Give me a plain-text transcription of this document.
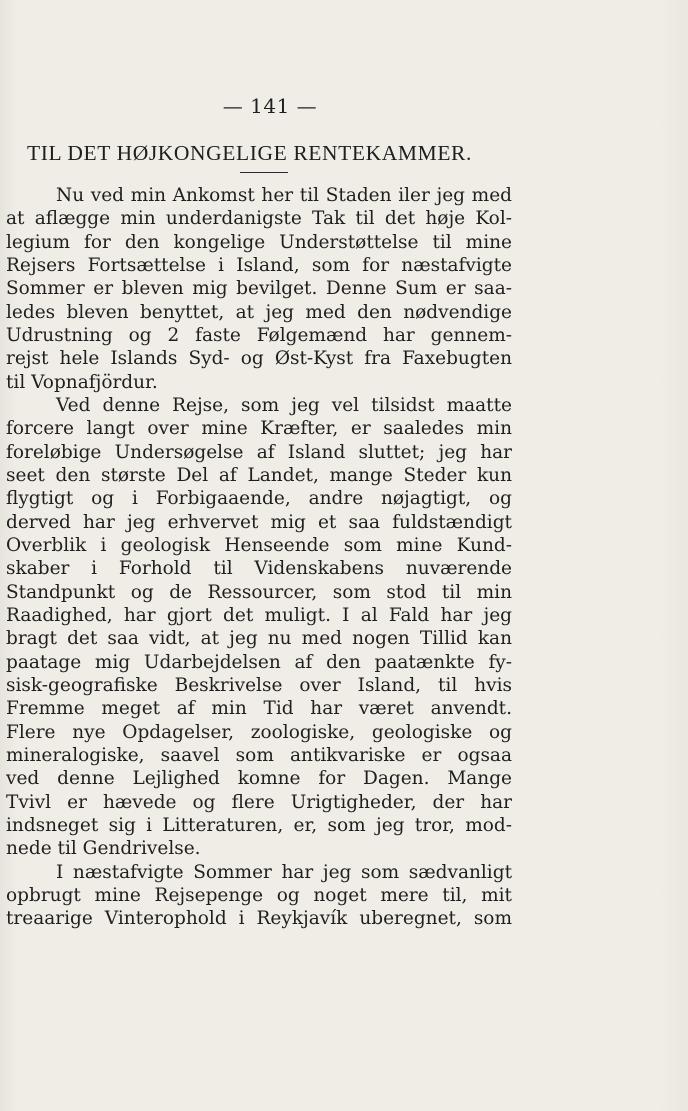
— 141 —
TIL DET HØJKONGELIGE RENTEKAMMER.
Nu ved min Ankomst her til Staden iler jeg med
at aflægge min underdanigste Tak til det høje Kol-
legium for den kongelige Understøttelse til mine
Rejsers Fortsættelse i Island, som for næstafvigte
Sommer er bleven mig bevilget. Denne Sum er saa-
ledes bleven benyttet, at jeg med den nødvendige
Udrustning og 2 faste Følgemænd har gennem-
rejst hele Islands Syd- og Øst-Kyst fra Faxebugten
til Vopnafjördur.
Ved denne Rejse, som jeg vel tilsidst maatte
forcere langt over mine Kræfter, er saaledes min
foreløbige Undersøgelse af Island sluttet; jeg har
seet den største Del af Landet, mange Steder kun
flygtigt og i Forbigaaende, andre nøjagtigt, og
derved har jeg erhvervet mig et saa fuldstændigt
Overblik i geologisk Henseende som mine Kund-
skaber i Forhold til Videnskabens nuværende
Standpunkt og de Ressourcer, som stod til min
Raadighed, har gjort det muligt. I al Fald har jeg
bragt det saa vidt, at jeg nu med nogen Tillid kan
paatage mig Udarbejdelsen af den paatænkte fy-
sisk-geografiske Beskrivelse over Island, til hvis
Fremme meget af min Tid har været anvendt.
Flere nye Opdagelser, zoologiske, geologiske og
mineralogiske, saavel som antikvariske er ogsaa
ved denne Lejlighed komne for Dagen. Mange
Tvivl er hævede og flere Urigtigheder, der har
indsneget sig i Litteraturen, er, som jeg tror, mod-
nede til Gendrivelse.
I næstafvigte Sommer har jeg som sædvanligt
opbrugt mine Rejsepenge og noget mere til, mit
treaarige Vinterophold i Reykjavík uberegnet, som
